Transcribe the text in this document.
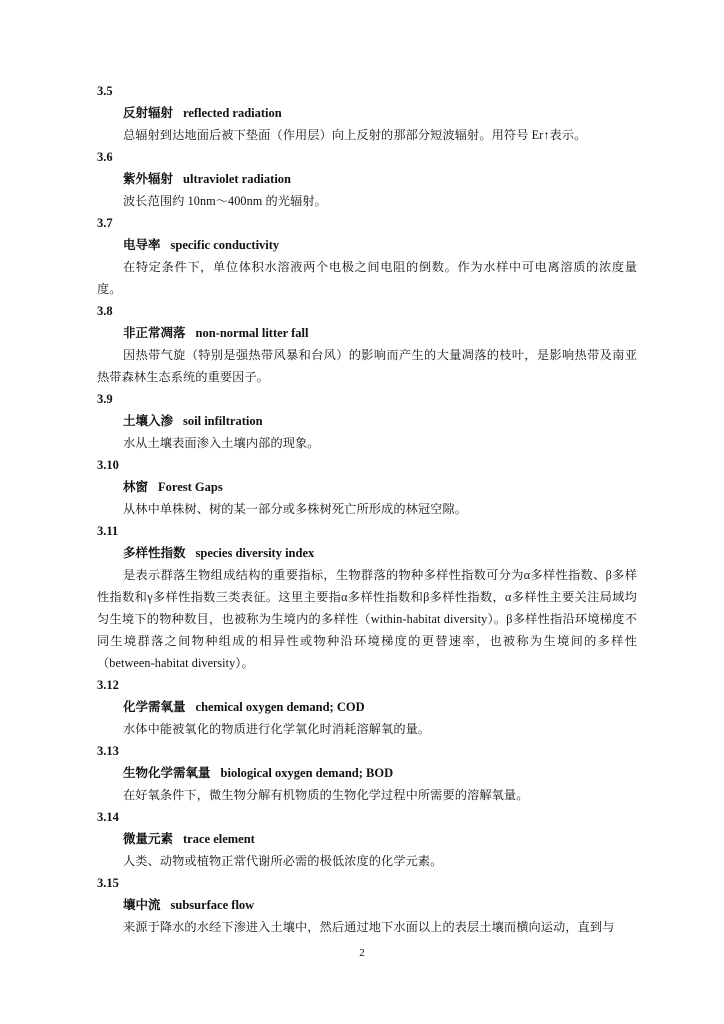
3.5
反射辐射 reflected radiation
总辐射到达地面后被下垫面（作用层）向上反射的那部分短波辐射。用符号 Er↑表示。
3.6
紫外辐射 ultraviolet radiation
波长范围约 10nm～400nm 的光辐射。
3.7
电导率 specific conductivity
在特定条件下，单位体积水溶液两个电极之间电阻的倒数。作为水样中可电离溶质的浓度量度。
3.8
非正常凋落 non-normal litter fall
因热带气旋（特别是强热带风暴和台风）的影响而产生的大量凋落的枝叶，是影响热带及南亚热带森林生态系统的重要因子。
3.9
土壤入渗 soil infiltration
水从土壤表面渗入土壤内部的现象。
3.10
林窗 Forest Gaps
从林中单株树、树的某一部分或多株树死亡所形成的林冠空隙。
3.11
多样性指数 species diversity index
是表示群落生物组成结构的重要指标，生物群落的物种多样性指数可分为α多样性指数、β多样性指数和γ多样性指数三类表征。这里主要指α多样性指数和β多样性指数，α多样性主要关注局域均匀生境下的物种数目，也被称为生境内的多样性（within-habitat diversity）。β多样性指沿环境梯度不同生境群落之间物种组成的相异性或物种沿环境梯度的更替速率，也被称为生境间的多样性（between-habitat diversity）。
3.12
化学需氧量 chemical oxygen demand; COD
水体中能被氧化的物质进行化学氧化时消耗溶解氧的量。
3.13
生物化学需氧量 biological oxygen demand; BOD
在好氧条件下，微生物分解有机物质的生物化学过程中所需要的溶解氧量。
3.14
微量元素 trace element
人类、动物或植物正常代谢所必需的极低浓度的化学元素。
3.15
壤中流 subsurface flow
来源于降水的水经下渗进入土壤中，然后通过地下水面以上的表层土壤而横向运动，直到与
2
